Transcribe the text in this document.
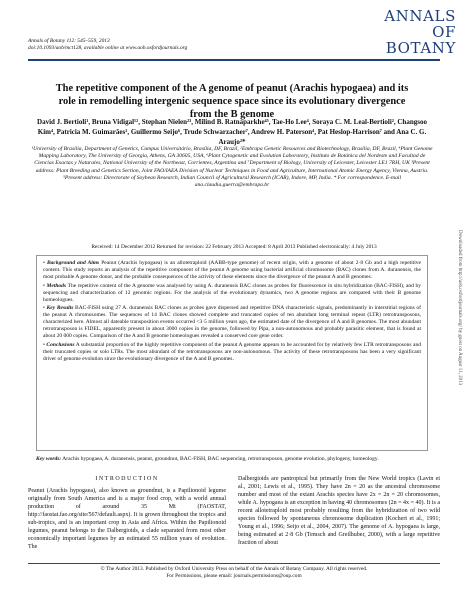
Annals of Botany 112: 545–559, 2013
doi:10.1093/aob/mct128, available online at www.aob.oxfordjournals.org
ANNALS OF
BOTANY
The repetitive component of the A genome of peanut (Arachis hypogaea) and its role in remodelling intergenic sequence space since its evolutionary divergence from the B genome
David J. Bertioli¹, Bruna Vidigal¹², Stephan Nielen²³, Milind B. Ratnaparkhe⁴⁵, Tae-Ho Lee⁴, Soraya C. M. Leal-Bertioli², Changsoo Kim⁴, Patricia M. Guimarães², Guillermo Seijo⁶, Trude Schwarzacher⁷, Andrew H. Paterson⁴, Pat Heslop-Harrison⁷ and Ana C. G. Araujo²*
¹University of Brasília, Department of Genetics, Campus Universitário, Brasília, DF, Brazil, ²Embrapa Genetic Resources and Biotechnology, Brasília, DF, Brazil, ⁴Plant Genome Mapping Laboratory, The University of Georgia, Athens, GA 30605, USA, ⁶Plant Cytogenetic and Evolution Laboratory, Instituto de Botánica del Nordeste and Facultad de Ciencias Exactas y Naturales, National University of the Northeast, Corrientes, Argentina and ⁷Department of Biology, University of Leicester, Leicester LE1 7RH, UK ³Present address: Plant Breeding and Genetics Section, Joint FAO/IAEA Division of Nuclear Techniques in Food and Agriculture, International Atomic Energy Agency, Vienna, Austria. ⁵Present address: Directorate of Soybean Research, Indian Council of Agricultural Research (ICAR), Indore, MP, India. * For correspondence. E-mail ana.claudia.guerra@embrapa.br
Received: 14 December 2012 Returned for revision: 22 February 2013 Accepted: 8 April 2013 Published electronically: 4 July 2013

• Background and Aims Peanut (Arachis hypogaea) is an allotetraploid (AABB-type genome) of recent origin, with a genome of about 2·8 Gb and a high repetitive content. This study reports an analysis of the repetitive component of the peanut A genome using bacterial artificial chromosome (BAC) clones from A. duranensis, the most probable A genome donor, and the probable consequences of the activity of these elements since the divergence of the peanut A and B genomes.

• Methods The repetitive content of the A genome was analysed by using A. duranensis BAC clones as probes for fluorescence in situ hybridization (BAC-FISH), and by sequencing and characterization of 12 genomic regions. For the analysis of the evolutionary dynamics, two A genome regions are compared with their B genome homeologues.

• Key Results BAC-FISH using 27 A. duranensis BAC clones as probes gave dispersed and repetitive DNA characteristic signals, predominantly in interstitial regions of the peanut A chromosomes. The sequences of 14 BAC clones showed complete and truncated copies of ten abundant long terminal repeat (LTR) retrotransposons, characterized here. Almost all dateable transposition events occurred <3·5 million years ago, the estimated date of the divergence of A and B genomes. The most abundant retrotransposon is FIDEL, apparently present in about 3000 copies in the genome, followed by Pipa, a non-autonomous and probably parasitic element, that is found at about 20 000 copies. Comparison of the A and B genome homeologues revealed a conserved core gene order.

• Conclusions A substantial proportion of the highly repetitive component of the peanut A genome appears to be accounted for by relatively few LTR retrotransposons and their truncated copies or solo LTRs. The most abundant of the retrotransposons are non-autonomous. The activity of these retrotransposons has been a very significant driver of genome evolution since the evolutionary divergence of the A and B genomes.

Key words: Arachis hypogaea, A. duranensis, peanut, groundnut, BAC-FISH, BAC sequencing, retrotransposon, genome evolution, phylogeny, homeology.
INTRODUCTION
Peanut (Arachis hypogaea), also known as groundnut, is a Papilionoid legume originally from South America and is a major food crop, with a world annual production of around 35 Mt (FAOSTAT, http://faostat.fao.org/site/567/default.aspx). It is grown throughout the tropics and sub-tropics, and is an important crop in Asia and Africa. Within the Papilionoid legumes, peanut belongs to the Dalbergioids, a clade separated from most other economically important legumes by an estimated 55 million years of evolution. The
Dalbergioids are pantropical but primarily from the New World tropics (Lavin et al., 2001; Lewis et al., 1995). They have 2n = 20 as the ancestral chromosome number and most of the extant Arachis species have 2x = 2n = 20 chromosomes, while A. hypogaea is an exception in having 40 chromosomes (2n = 4x = 40). It is a recent allotetraploid most probably resulting from the hybridization of two wild species followed by spontaneous chromosome duplication (Kochert et al., 1991; Young et al., 1996; Seijo et al., 2004, 2007). The genome of A. hypogaea is large, being estimated at 2·8 Gb (Temsch and Greilhuber, 2000), with a large repetitive fraction of about
© The Author 2013. Published by Oxford University Press on behalf of the Annals of Botany Company. All rights reserved.
For Permissions, please email: journals.permissions@oup.com
Downloaded from http://aob.oxfordjournals.org/ by guest on August 11, 2013
